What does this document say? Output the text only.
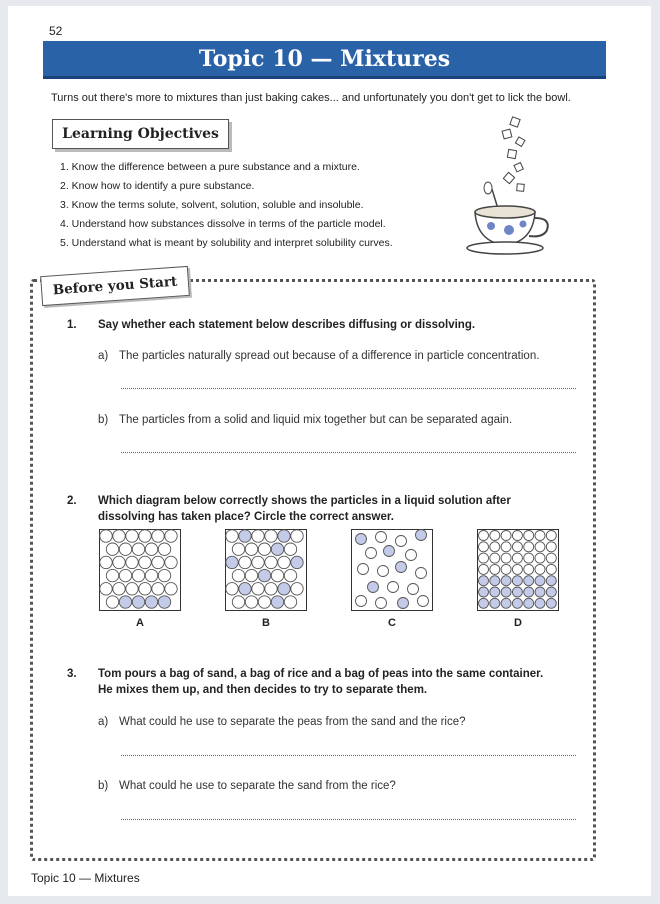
52
Topic 10 — Mixtures
Turns out there's more to mixtures than just baking cakes... and unfortunately you don't get to lick the bowl.
Learning Objectives
1. Know the difference between a pure substance and a mixture.
2. Know how to identify a pure substance.
3. Know the terms solute, solvent, solution, soluble and insoluble.
4. Understand how substances dissolve in terms of the particle model.
5. Understand what is meant by solubility and interpret solubility curves.
Before you Start
1. Say whether each statement below describes diffusing or dissolving.
a) The particles naturally spread out because of a difference in particle concentration.
b) The particles from a solid and liquid mix together but can be separated again.
2. Which diagram below correctly shows the particles in a liquid solution after dissolving has taken place? Circle the correct answer.
A	B	C	D
3. Tom pours a bag of sand, a bag of rice and a bag of peas into the same container. He mixes them up, and then decides to try to separate them.
a) What could he use to separate the peas from the sand and the rice?
b) What could he use to separate the sand from the rice?
Topic 10 — Mixtures
